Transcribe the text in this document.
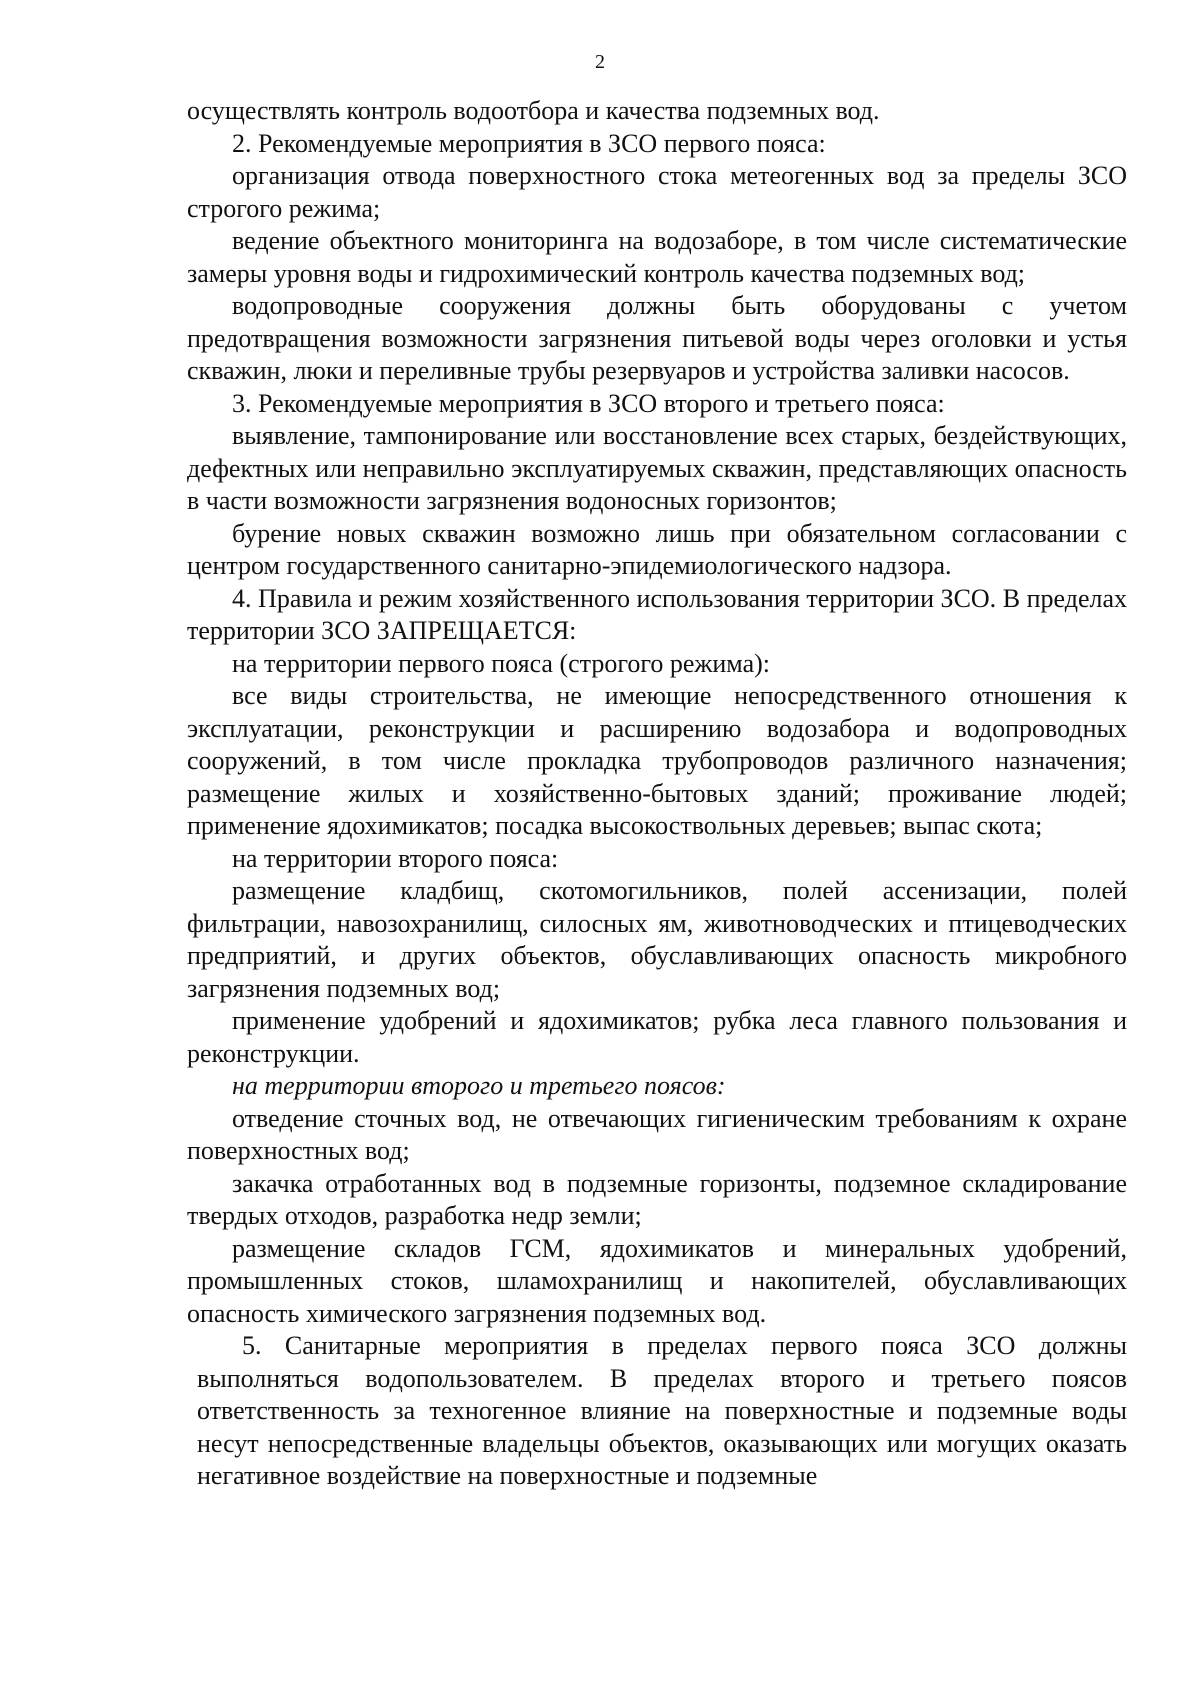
2

осуществлять контроль водоотбора и качества подземных вод.

2. Рекомендуемые мероприятия в ЗСО первого пояса:

организация отвода поверхностного стока метеогенных вод за пределы ЗСО строгого режима;

ведение объектного мониторинга на водозаборе, в том числе систематические замеры уровня воды и гидрохимический контроль качества подземных вод;

водопроводные сооружения должны быть оборудованы с учетом предотвращения возможности загрязнения питьевой воды через оголовки и устья скважин, люки и переливные трубы резервуаров и устройства заливки насосов.

3. Рекомендуемые мероприятия в ЗСО второго и третьего пояса:

выявление, тампонирование или восстановление всех старых, бездействующих, дефектных или неправильно эксплуатируемых скважин, представляющих опасность в части возможности загрязнения водоносных горизонтов;

бурение новых скважин возможно лишь при обязательном согласовании с центром государственного санитарно-эпидемиологического надзора.

4. Правила и режим хозяйственного использования территории ЗСО. В пределах территории ЗСО ЗАПРЕЩАЕТСЯ:

на территории первого пояса (строгого режима):

все виды строительства, не имеющие непосредственного отношения к эксплуатации, реконструкции и расширению водозабора и водопроводных сооружений, в том числе прокладка трубопроводов различного назначения; размещение жилых и хозяйственно-бытовых зданий; проживание людей; применение ядохимикатов; посадка высокоствольных деревьев; выпас скота;

на территории второго пояса:

размещение кладбищ, скотомогильников, полей ассенизации, полей фильтрации, навозохранилищ, силосных ям, животноводческих и птицеводческих предприятий, и других объектов, обуславливающих опасность микробного загрязнения подземных вод;

применение удобрений и ядохимикатов; рубка леса главного пользования и реконструкции.

на территории второго и третьего поясов:

отведение сточных вод, не отвечающих гигиеническим требованиям к охране поверхностных вод;

закачка отработанных вод в подземные горизонты, подземное складирование твердых отходов, разработка недр земли;

размещение складов ГСМ, ядохимикатов и минеральных удобрений, промышленных стоков, шламохранилищ и накопителей, обуславливающих опасность химического загрязнения подземных вод.

5. Санитарные мероприятия в пределах первого пояса ЗСО должны выполняться водопользователем. В пределах второго и третьего поясов ответственность за техногенное влияние на поверхностные и подземные воды несут непосредственные владельцы объектов, оказывающих или могущих оказать негативное воздействие на поверхностные и подземные
